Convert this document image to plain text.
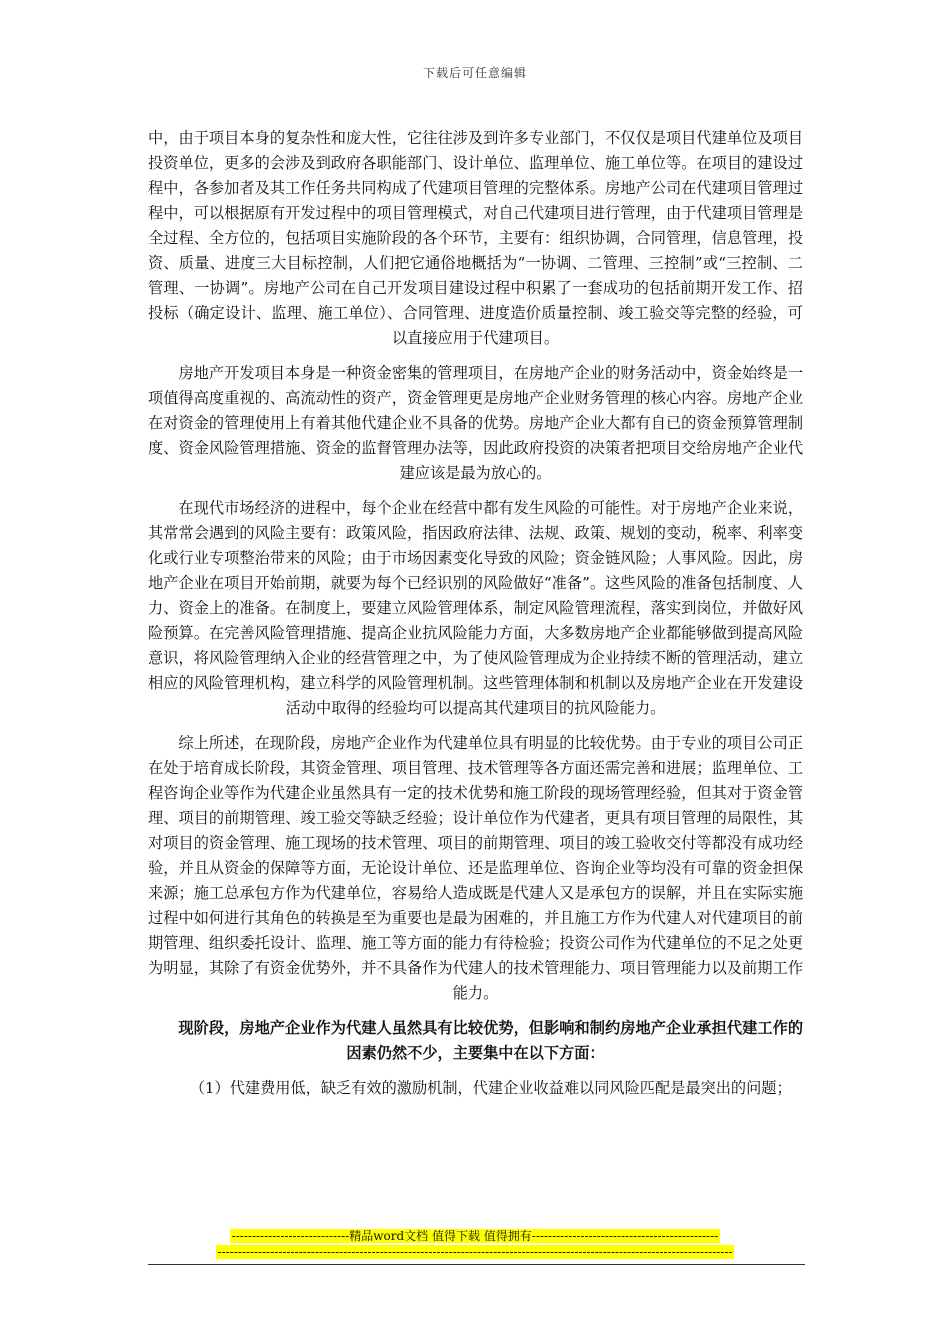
下载后可任意编辑

中，由于项目本身的复杂性和庞大性，它往往涉及到许多专业部门，不仅仅是项目代建单位及项目投资单位，更多的会涉及到政府各职能部门、设计单位、监理单位、施工单位等。在项目的建设过程中，各参加者及其工作任务共同构成了代建项目管理的完整体系。房地产公司在代建项目管理过程中，可以根据原有开发过程中的项目管理模式，对自己代建项目进行管理，由于代建项目管理是全过程、全方位的，包括项目实施阶段的各个环节，主要有：组织协调，合同管理，信息管理，投资、质量、进度三大目标控制，人们把它通俗地概括为“一协调、二管理、三控制”或“三控制、二管理、一协调”。房地产公司在自己开发项目建设过程中积累了一套成功的包括前期开发工作、招投标（确定设计、监理、施工单位）、合同管理、进度造价质量控制、竣工验交等完整的经验，可以直接应用于代建项目。

房地产开发项目本身是一种资金密集的管理项目，在房地产企业的财务活动中，资金始终是一项值得高度重视的、高流动性的资产，资金管理更是房地产企业财务管理的核心内容。房地产企业在对资金的管理使用上有着其他代建企业不具备的优势。房地产企业大都有自已的资金预算管理制度、资金风险管理措施、资金的监督管理办法等，因此政府投资的决策者把项目交给房地产企业代建应该是最为放心的。

在现代市场经济的进程中，每个企业在经营中都有发生风险的可能性。对于房地产企业来说，其常常会遇到的风险主要有：政策风险，指因政府法律、法规、政策、规划的变动，税率、利率变化或行业专项整治带来的风险；由于市场因素变化导致的风险；资金链风险；人事风险。因此，房地产企业在项目开始前期，就要为每个已经识别的风险做好“准备”。这些风险的准备包括制度、人力、资金上的准备。在制度上，要建立风险管理体系，制定风险管理流程，落实到岗位，并做好风险预算。在完善风险管理措施、提高企业抗风险能力方面，大多数房地产企业都能够做到提高风险意识，将风险管理纳入企业的经营管理之中，为了使风险管理成为企业持续不断的管理活动，建立相应的风险管理机构，建立科学的风险管理机制。这些管理体制和机制以及房地产企业在开发建设活动中取得的经验均可以提高其代建项目的抗风险能力。

综上所述，在现阶段，房地产企业作为代建单位具有明显的比较优势。由于专业的项目公司正在处于培育成长阶段，其资金管理、项目管理、技术管理等各方面还需完善和进展；监理单位、工程咨询企业等作为代建企业虽然具有一定的技术优势和施工阶段的现场管理经验，但其对于资金管理、项目的前期管理、竣工验交等缺乏经验；设计单位作为代建者，更具有项目管理的局限性，其对项目的资金管理、施工现场的技术管理、项目的前期管理、项目的竣工验收交付等都没有成功经验，并且从资金的保障等方面，无论设计单位、还是监理单位、咨询企业等均没有可靠的资金担保来源；施工总承包方作为代建单位，容易给人造成既是代建人又是承包方的误解，并且在实际实施过程中如何进行其角色的转换是至为重要也是最为困难的，并且施工方作为代建人对代建项目的前期管理、组织委托设计、监理、施工等方面的能力有待检验；投资公司作为代建单位的不足之处更为明显，其除了有资金优势外，并不具备作为代建人的技术管理能力、项目管理能力以及前期工作能力。

现阶段，房地产企业作为代建人虽然具有比较优势，但影响和制约房地产企业承担代建工作的因素仍然不少，主要集中在以下方面：

（1）代建费用低，缺乏有效的激励机制，代建企业收益难以同风险匹配是最突出的问题；

-----------------------------精品word文档 值得下载 值得拥有----------------------------------------------
-------------------------------------------------------------------------------------------------------------------------------
